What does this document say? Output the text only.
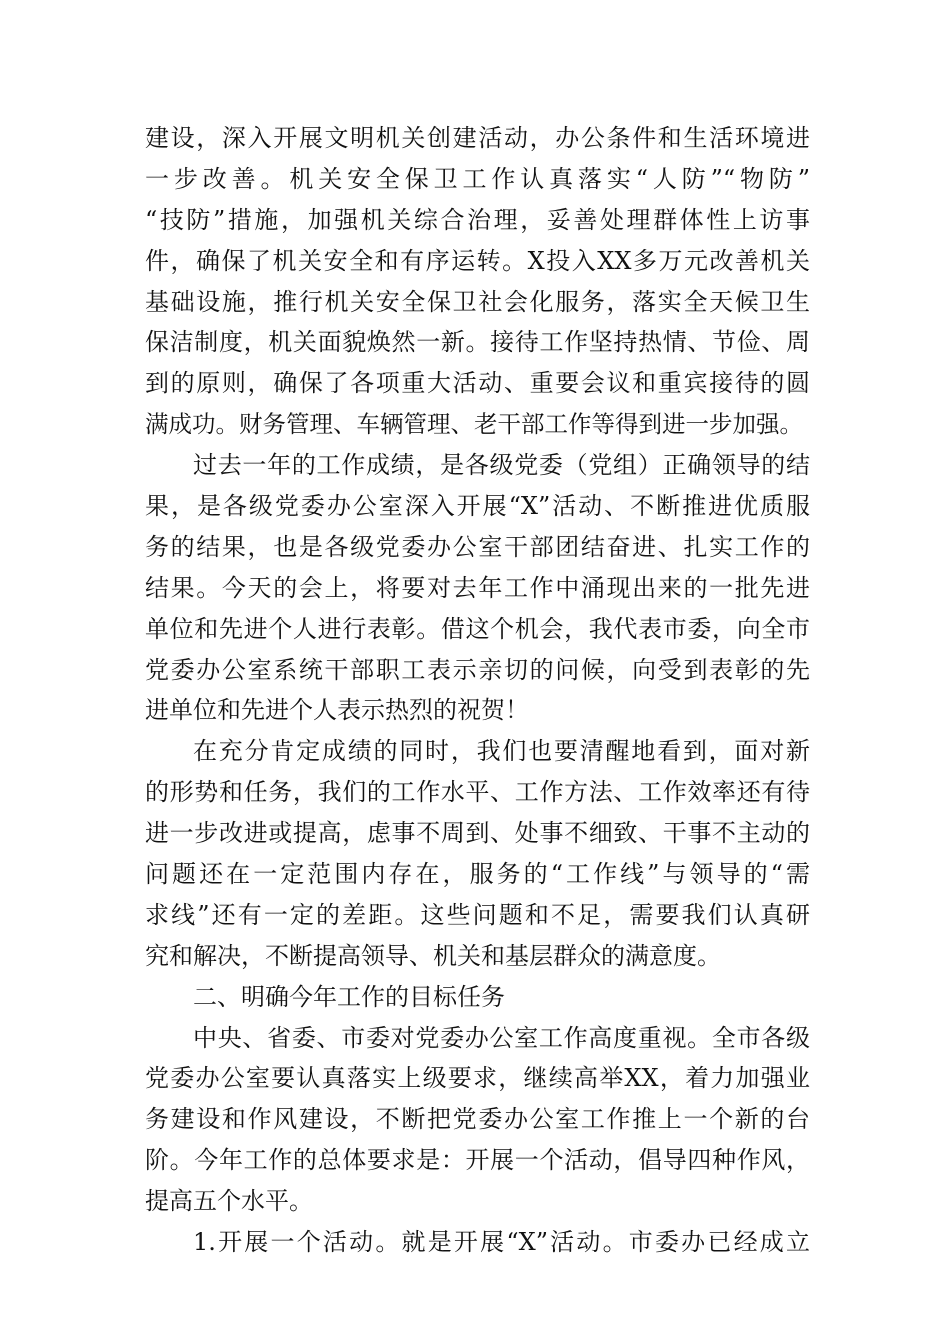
建设，深入开展文明机关创建活动，办公条件和生活环境进
一步改善。机关安全保卫工作认真落实“人防”“物防”
“技防”措施，加强机关综合治理，妥善处理群体性上访事
件，确保了机关安全和有序运转。X投入XX多万元改善机关
基础设施，推行机关安全保卫社会化服务，落实全天候卫生
保洁制度，机关面貌焕然一新。接待工作坚持热情、节俭、周
到的原则，确保了各项重大活动、重要会议和重宾接待的圆
满成功。财务管理、车辆管理、老干部工作等得到进一步加强。
过去一年的工作成绩，是各级党委（党组）正确领导的结
果，是各级党委办公室深入开展“X”活动、不断推进优质服
务的结果，也是各级党委办公室干部团结奋进、扎实工作的
结果。今天的会上，将要对去年工作中涌现出来的一批先进
单位和先进个人进行表彰。借这个机会，我代表市委，向全市
党委办公室系统干部职工表示亲切的问候，向受到表彰的先
进单位和先进个人表示热烈的祝贺！
在充分肯定成绩的同时，我们也要清醒地看到，面对新
的形势和任务，我们的工作水平、工作方法、工作效率还有待
进一步改进或提高，虑事不周到、处事不细致、干事不主动的
问题还在一定范围内存在，服务的“工作线”与领导的“需
求线”还有一定的差距。这些问题和不足，需要我们认真研
究和解决，不断提高领导、机关和基层群众的满意度。
二、明确今年工作的目标任务
中央、省委、市委对党委办公室工作高度重视。全市各级
党委办公室要认真落实上级要求，继续高举XX，着力加强业
务建设和作风建设，不断把党委办公室工作推上一个新的台
阶。今年工作的总体要求是：开展一个活动，倡导四种作风，
提高五个水平。
1.开展一个活动。就是开展“X”活动。市委办已经成立
